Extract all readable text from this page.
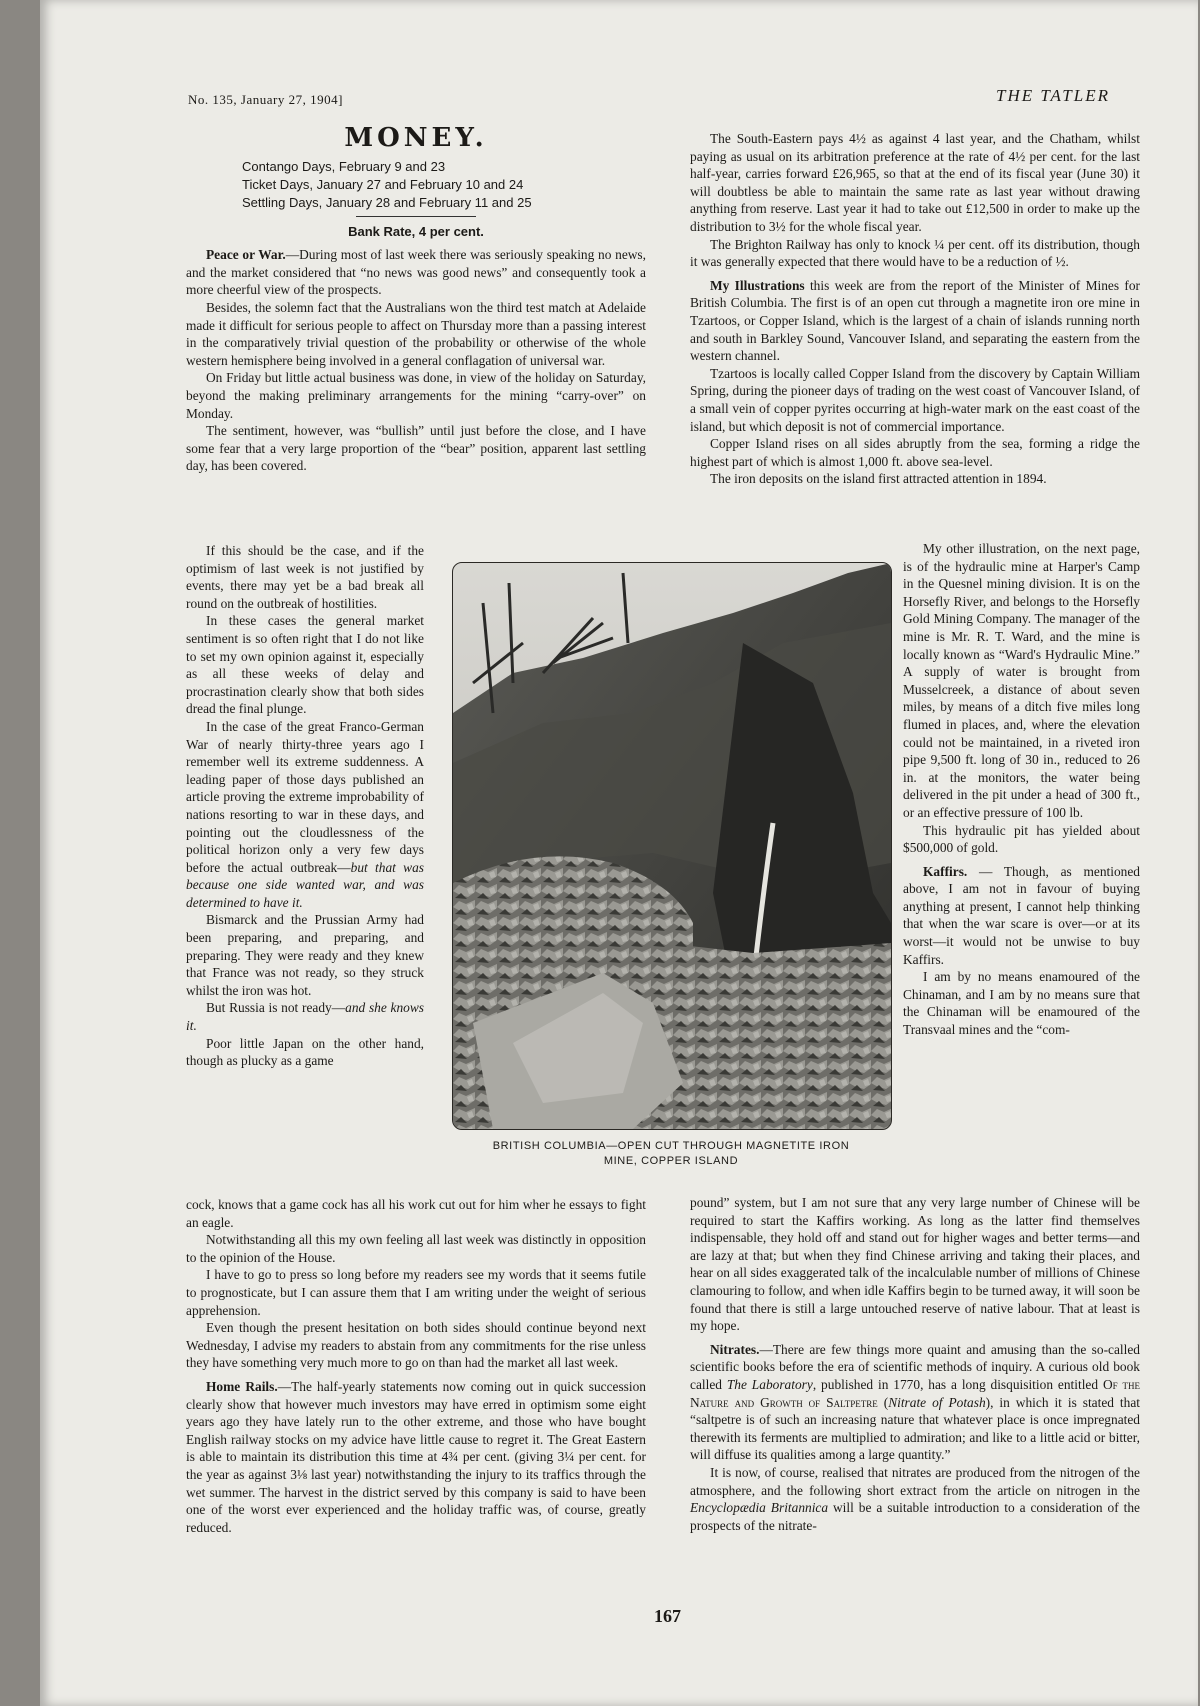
No. 135, January 27, 1904]	THE TATLER
MONEY.
Contango Days, February 9 and 23
Ticket Days, January 27 and February 10 and 24
Settling Days, January 28 and February 11 and 25
Bank Rate, 4 per cent.

Peace or War.—During most of last week there was seriously speaking no news, and the market considered that “no news was good news” and consequently took a more cheerful view of the prospects.

Besides, the solemn fact that the Australians won the third test match at Adelaide made it difficult for serious people to affect on Thursday more than a passing interest in the comparatively trivial question of the probability or otherwise of the whole western hemisphere being involved in a general conflagation of universal war.

On Friday but little actual business was done, in view of the holiday on Saturday, beyond the making preliminary arrangements for the mining “carry-over” on Monday.

The sentiment, however, was “bullish” until just before the close, and I have some fear that a very large proportion of the “bear” position, apparent last settling day, has been covered.

If this should be the case, and if the optimism of last week is not justified by events, there may yet be a bad break all round on the outbreak of hostilities.

In these cases the general market sentiment is so often right that I do not like to set my own opinion against it, especially as all these weeks of delay and procrastination clearly show that both sides dread the final plunge.

In the case of the great Franco-German War of nearly thirty-three years ago I remember well its extreme suddenness. A leading paper of those days published an article proving the extreme improbability of nations resorting to war in these days, and pointing out the cloudlessness of the political horizon only a very few days before the actual outbreak—but that was because one side wanted war, and was determined to have it.

Bismarck and the Prussian Army had been preparing, and preparing, and preparing. They were ready and they knew that France was not ready, so they struck whilst the iron was hot.

But Russia is not ready—and she knows it.

Poor little Japan on the other hand, though as plucky as a game

BRITISH COLUMBIA—OPEN CUT THROUGH MAGNETITE IRON
MINE, COPPER ISLAND

cock, knows that a game cock has all his work cut out for him wher he essays to fight an eagle.

Notwithstanding all this my own feeling all last week was distinctly in opposition to the opinion of the House.

I have to go to press so long before my readers see my words that it seems futile to prognosticate, but I can assure them that I am writing under the weight of serious apprehension.

Even though the present hesitation on both sides should continue beyond next Wednesday, I advise my readers to abstain from any commitments for the rise unless they have something very much more to go on than had the market all last week.

Home Rails.—The half-yearly statements now coming out in quick succession clearly show that however much investors may have erred in optimism some eight years ago they have lately run to the other extreme, and those who have bought English railway stocks on my advice have little cause to regret it. The Great Eastern is able to maintain its distribution this time at 4¾ per cent. (giving 3¼ per cent. for the year as against 3⅛ last year) notwithstanding the injury to its traffics through the wet summer. The harvest in the district served by this company is said to have been one of the worst ever experienced and the holiday traffic was, of course, greatly reduced.

The South-Eastern pays 4½ as against 4 last year, and the Chatham, whilst paying as usual on its arbitration preference at the rate of 4½ per cent. for the last half-year, carries forward £26,965, so that at the end of its fiscal year (June 30) it will doubtless be able to maintain the same rate as last year without drawing anything from reserve. Last year it had to take out £12,500 in order to make up the distribution to 3½ for the whole fiscal year.

The Brighton Railway has only to knock ¼ per cent. off its distribution, though it was generally expected that there would have to be a reduction of ½.

My Illustrations this week are from the report of the Minister of Mines for British Columbia. The first is of an open cut through a magnetite iron ore mine in Tzartoos, or Copper Island, which is the largest of a chain of islands running north and south in Barkley Sound, Vancouver Island, and separating the eastern from the western channel.

Tzartoos is locally called Copper Island from the discovery by Captain William Spring, during the pioneer days of trading on the west coast of Vancouver Island, of a small vein of copper pyrites occurring at high-water mark on the east coast of the island, but which deposit is not of commercial importance.

Copper Island rises on all sides abruptly from the sea, forming a ridge the highest part of which is almost 1,000 ft. above sea-level.

The iron deposits on the island first attracted attention in 1894.

My other illustration, on the next page, is of the hydraulic mine at Harper's Camp in the Quesnel mining division. It is on the Horsefly River, and belongs to the Horsefly Gold Mining Company. The manager of the mine is Mr. R. T. Ward, and the mine is locally known as “Ward's Hydraulic Mine.” A supply of water is brought from Musselcreek, a distance of about seven miles, by means of a ditch five miles long flumed in places, and, where the elevation could not be maintained, in a riveted iron pipe 9,500 ft. long of 30 in., reduced to 26 in. at the monitors, the water being delivered in the pit under a head of 300 ft., or an effective pressure of 100 lb.

This hydraulic pit has yielded about $500,000 of gold.

Kaffirs. — Though, as mentioned above, I am not in favour of buying anything at present, I cannot help thinking that when the war scare is over—or at its worst—it would not be unwise to buy Kaffirs.

I am by no means enamoured of the Chinaman, and I am by no means sure that the Chinaman will be enamoured of the Transvaal mines and the “com-

pound” system, but I am not sure that any very large number of Chinese will be required to start the Kaffirs working. As long as the latter find themselves indispensable, they hold off and stand out for higher wages and better terms—and are lazy at that; but when they find Chinese arriving and taking their places, and hear on all sides exaggerated talk of the incalculable number of millions of Chinese clamouring to follow, and when idle Kaffirs begin to be turned away, it will soon be found that there is still a large untouched reserve of native labour. That at least is my hope.

Nitrates.—There are few things more quaint and amusing than the so-called scientific books before the era of scientific methods of inquiry. A curious old book called The Laboratory, published in 1770, has a long disquisition entitled Of the Nature and Growth of Saltpetre (Nitrate of Potash), in which it is stated that “saltpetre is of such an increasing nature that whatever place is once impregnated therewith its ferments are multiplied to admiration; and like to a little acid or bitter, will diffuse its qualities among a large quantity.”

It is now, of course, realised that nitrates are produced from the nitrogen of the atmosphere, and the following short extract from the article on nitrogen in the Encyclopædia Britannica will be a suitable introduction to a consideration of the prospects of the nitrate-

167
